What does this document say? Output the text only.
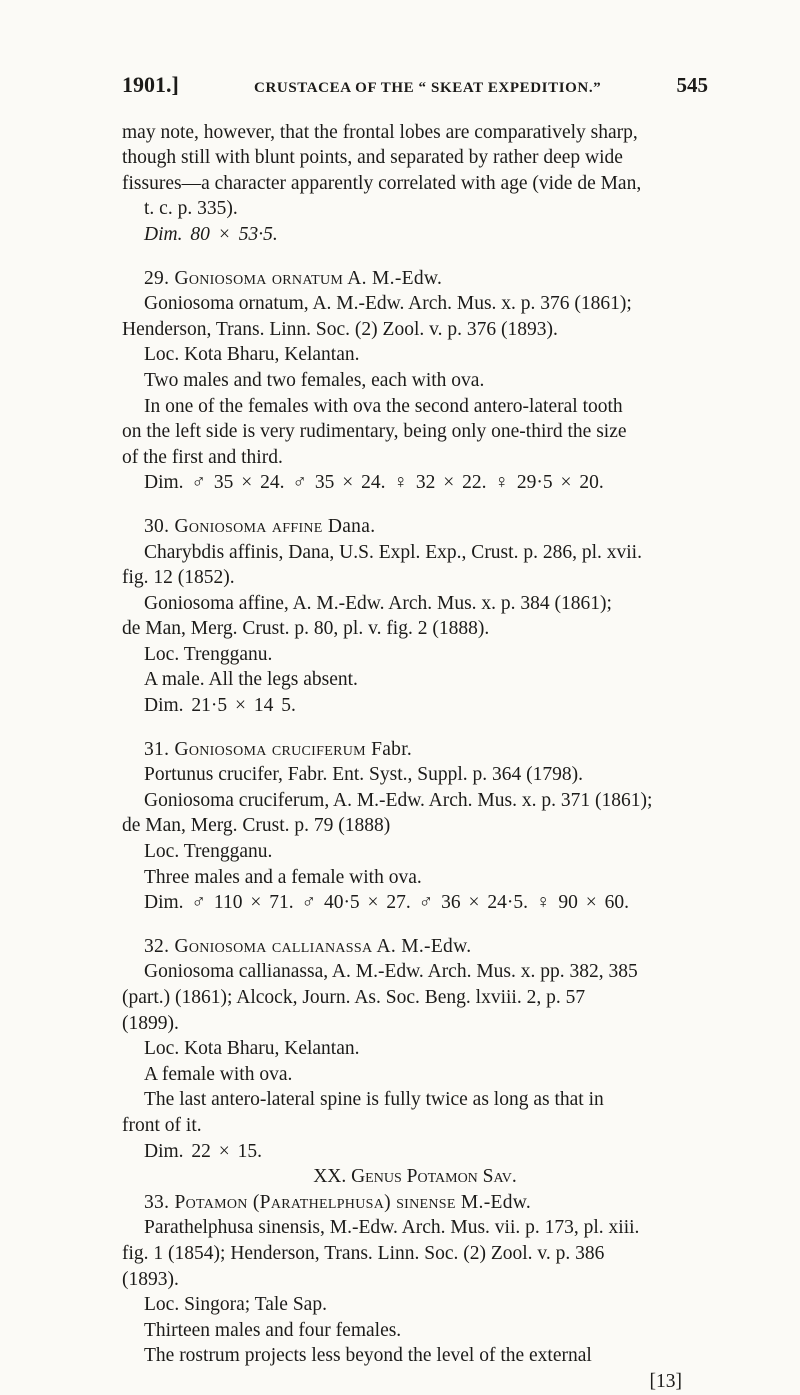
1901.]	CRUSTACEA OF THE “ SKEAT EXPEDITION.”	545

may note, however, that the frontal lobes are comparatively sharp,

though still with blunt points, and separated by rather deep wide

fissures—a character apparently correlated with age (vide de Man,

t. c. p. 335).

Dim. 80 × 53·5.

29. Goniosoma ornatum A. M.-Edw.

Goniosoma ornatum, A. M.-Edw. Arch. Mus. x. p. 376 (1861);

Henderson, Trans. Linn. Soc. (2) Zool. v. p. 376 (1893).

Loc. Kota Bharu, Kelantan.

Two males and two females, each with ova.

In one of the females with ova the second antero-lateral tooth

on the left side is very rudimentary, being only one-third the size

of the first and third.

Dim. ♂ 35 × 24. ♂ 35 × 24. ♀ 32 × 22. ♀ 29·5 × 20.

30. Goniosoma affine Dana.

Charybdis affinis, Dana, U.S. Expl. Exp., Crust. p. 286, pl. xvii.

fig. 12 (1852).

Goniosoma affine, A. M.-Edw. Arch. Mus. x. p. 384 (1861);

de Man, Merg. Crust. p. 80, pl. v. fig. 2 (1888).

Loc. Trengganu.

A male. All the legs absent.

Dim. 21·5 × 14 5.

31. Goniosoma cruciferum Fabr.

Portunus crucifer, Fabr. Ent. Syst., Suppl. p. 364 (1798).

Goniosoma cruciferum, A. M.-Edw. Arch. Mus. x. p. 371 (1861);

de Man, Merg. Crust. p. 79 (1888)

Loc. Trengganu.

Three males and a female with ova.

Dim. ♂ 110 × 71. ♂ 40·5 × 27. ♂ 36 × 24·5. ♀ 90 × 60.

32. Goniosoma callianassa A. M.-Edw.

Goniosoma callianassa, A. M.-Edw. Arch. Mus. x. pp. 382, 385

(part.) (1861); Alcock, Journ. As. Soc. Beng. lxviii. 2, p. 57

(1899).

Loc. Kota Bharu, Kelantan.

A female with ova.

The last antero-lateral spine is fully twice as long as that in

front of it.

Dim. 22 × 15.

XX. Genus Potamon Sav.

33. Potamon (Parathelphusa) sinense M.-Edw.

Parathelphusa sinensis, M.-Edw. Arch. Mus. vii. p. 173, pl. xiii.

fig. 1 (1854); Henderson, Trans. Linn. Soc. (2) Zool. v. p. 386

(1893).

Loc. Singora; Tale Sap.

Thirteen males and four females.

The rostrum projects less beyond the level of the external

[13]
